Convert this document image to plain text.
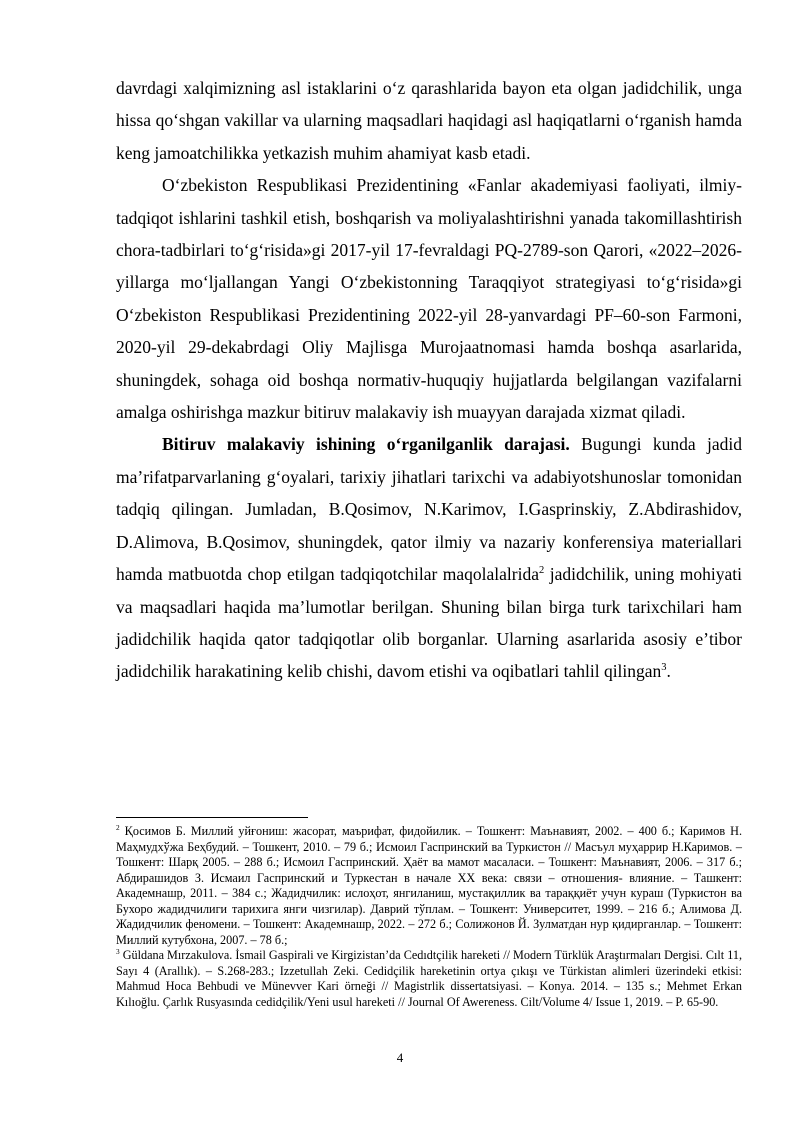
davrdagi xalqimizning asl istaklarini oʻz qarashlarida bayon eta olgan jadidchilik, unga hissa qoʻshgan vakillar va ularning maqsadlari haqidagi asl haqiqatlarni oʻrganish hamda keng jamoatchilikka yetkazish muhim ahamiyat kasb etadi.

Oʻzbekiston Respublikasi Prezidentining «Fanlar akademiyasi faoliyati, ilmiy-tadqiqot ishlarini tashkil etish, boshqarish va moliyalashtirishni yanada takomillashtirish chora-tadbirlari toʻgʻrisida»gi 2017-yil 17-fevraldagi PQ-2789-son Qarori, «2022–2026-yillarga moʻljallangan Yangi Oʻzbekistonning Taraqqiyot strategiyasi toʻgʻrisida»gi Oʻzbekiston Respublikasi Prezidentining 2022-yil 28-yanvardagi PF–60-son Farmoni, 2020-yil 29-dekabrdagi Oliy Majlisga Murojaatnomasi hamda boshqa asarlarida, shuningdek, sohaga oid boshqa normativ-huquqiy hujjatlarda belgilangan vazifalarni amalga oshirishga mazkur bitiruv malakaviy ish muayyan darajada xizmat qiladi.

Bitiruv malakaviy ishining oʻrganilganlik darajasi. Bugungi kunda jadid maʼrifatparvarlaning gʻoyalari, tarixiy jihatlari tarixchi va adabiyotshunoslar tomonidan tadqiq qilingan. Jumladan, B.Qosimov, N.Karimov, I.Gasprinskiy, Z.Abdirashidov, D.Alimova, B.Qosimov, shuningdek, qator ilmiy va nazariy konferensiya materiallari hamda matbuotda chop etilgan tadqiqotchilar maqolalalrida$^2$ jadidchilik, uning mohiyati va maqsadlari haqida maʼlumotlar berilgan. Shuning bilan birga turk tarixchilari ham jadidchilik haqida qator tadqiqotlar olib borganlar. Ularning asarlarida asosiy eʼtibor jadidchilik harakatining kelib chishi, davom etishi va oqibatlari tahlil qilingan$^3$.

$^2$ Қосимов Б. Миллий уйғониш: жасорат, маърифат, фидойилик. – Тошкент: Маънавият, 2002. – 400 б.; Каримов Н. Маҳмудхўжа Беҳбудий. – Тошкент, 2010. – 79 б.; Исмоил Гаспринский ва Туркистон // Масъул муҳаррир Н.Каримов. – Тошкент: Шарқ 2005. – 288 б.; Исмоил Гаспринский. Ҳаёт ва мамот масаласи. – Тошкент: Маънавият, 2006. – 317 б.; Абдирашидов З. Исмаил Гаспринский и Туркестан в начале XX века: связи – отношения- влияние. – Ташкент: Академнашр, 2011. – 384 с.; Жадидчилик: ислоҳот, янгиланиш, мустақиллик ва тараққиёт учун кураш (Туркистон ва Бухоро жадидчилиги тарихига янги чизгилар). Даврий тўплам. – Тошкент: Университет, 1999. – 216 б.; Алимова Д. Жадидчилик феномени. – Тошкент: Академнашр, 2022. – 272 б.; Солижонов Й. Зулматдан нур қидирганлар. – Тошкент: Миллий кутубхона, 2007. – 78 б.;

$^3$ Güldana Mırzakulova. İsmail Gaspirali ve Kirgizistan’da Cedıdtçilik hareketi // Modern Türklük Araştırmaları Dergisi. Cılt 11, Sayı 4 (Arallık). – S.268-283.; Izzetullah Zeki. Cedidçilik hareketinin ortya çıkışı ve Türkistan alimleri üzerindeki etkisi: Mahmud Hoca Behbudi ve Münevver Kari örneği // Magistrlik dissertatsiyasi. – Konya. 2014. – 135 s.; Mehmet Erkan Kılıoğlu. Çarlık Rusyasında cedidçilik/Yeni usul hareketi // Journal Of Awereness. Cilt/Volume 4/ Issue 1, 2019. – P. 65-90.

4
